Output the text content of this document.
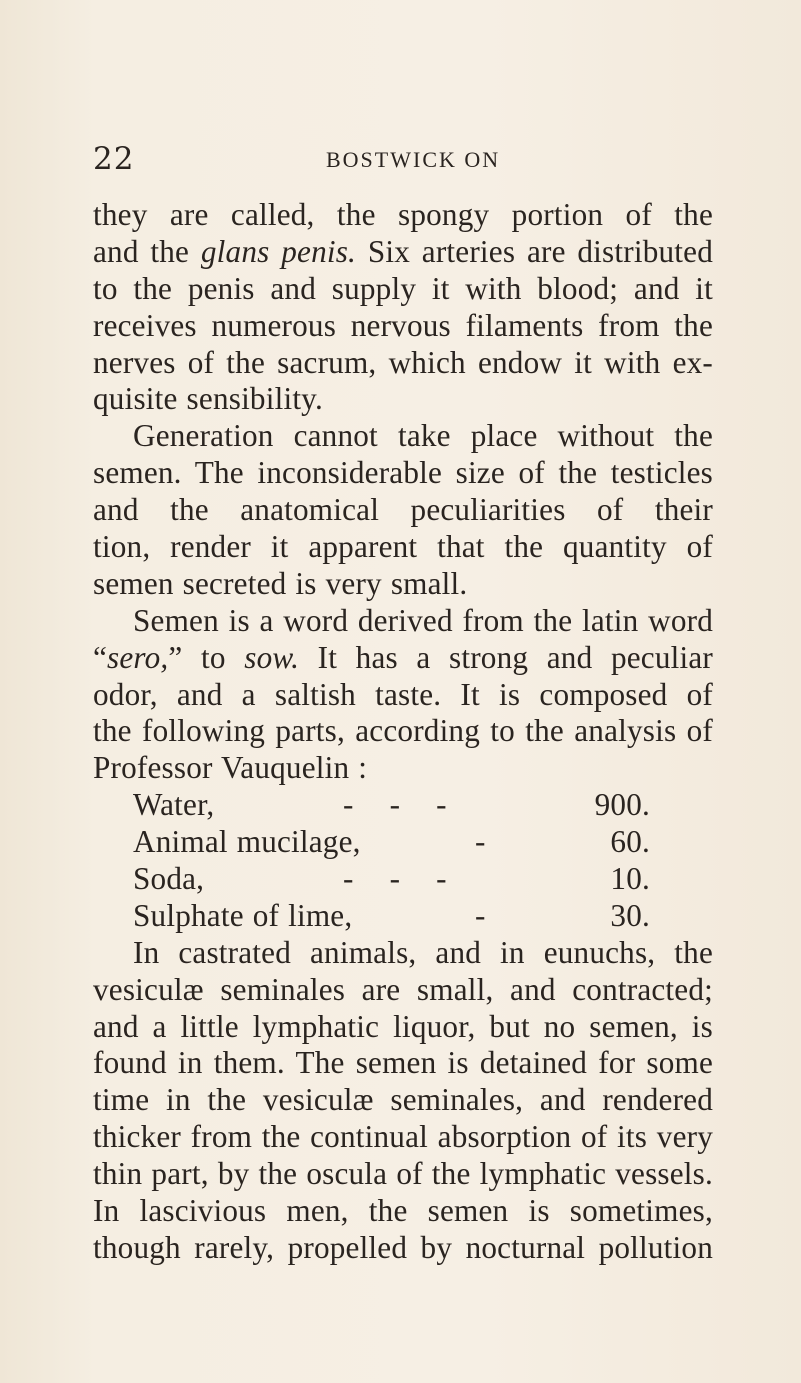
22	BOSTWICK ON
they are called, the spongy portion of the
and the glans penis. Six arteries are distributed
to the penis and supply it with blood; and it
receives numerous nervous filaments from the
nerves of the sacrum, which endow it with ex-
quisite sensibility.
Generation cannot take place without the
semen. The inconsiderable size of the testicles
and the anatomical peculiarities of their
tion, render it apparent that the quantity of
semen secreted is very small.
Semen is a word derived from the latin word
“sero,” to sow. It has a strong and peculiar
odor, and a saltish taste. It is composed of
the following parts, according to the analysis of
Professor Vauquelin :
Water,	-    -    -	900.
Animal mucilage,	-	60.
Soda,	-    -    -	10.
Sulphate of lime,	-	30.
In castrated animals, and in eunuchs, the
vesiculæ seminales are small, and contracted;
and a little lymphatic liquor, but no semen, is
found in them. The semen is detained for some
time in the vesiculæ seminales, and rendered
thicker from the continual absorption of its very
thin part, by the oscula of the lymphatic vessels.
In lascivious men, the semen is sometimes,
though rarely, propelled by nocturnal pollution
